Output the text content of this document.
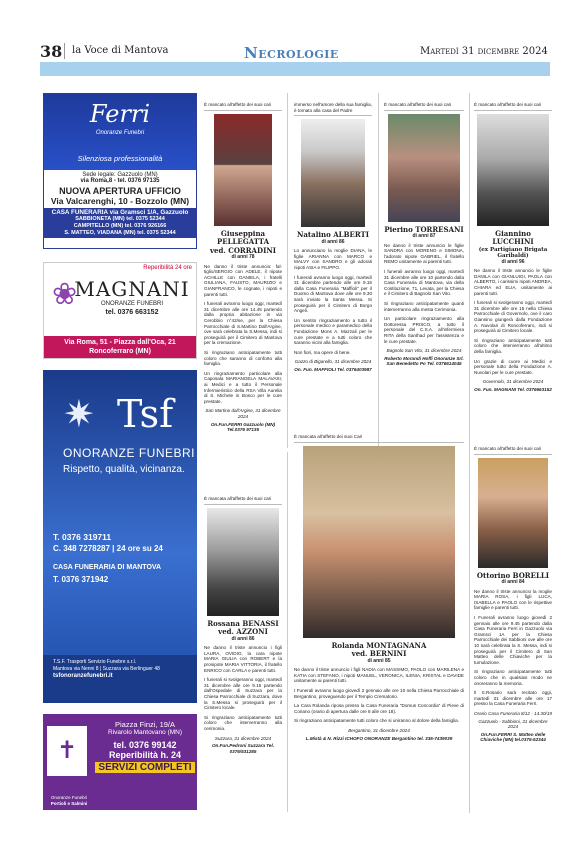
38 la Voce di Mantova	Necrologie	Martedì 31 dicembre 2024
Ferri
Onoranze Funebri
Silenziosa professionalità
Sede legale: Gazzuolo (MN)
via Roma,8 - tel. 0376 97135
NUOVA APERTURA UFFICIO
Via Valcarenghi, 10 - Bozzolo (MN)
CASA FUNERARIA via Gramsci 1/A, Gazzuolo
SABBIONETA (MN) tel. 0375 52344
CAMPITELLO (MN) tel. 0376 926166
S. MATTEO, VIADANA (MN) tel. 0375 52344
Reperibilità 24 ore
❀
MAGNANI
ONORANZE FUNEBRI
tel. 0376 663152
Via Roma, 51 - Piazza dall'Oca, 21
Roncoferraro (MN)
✷ Tsf
ONORANZE FUNEBRI
Rispetto, qualità, vicinanza.
T. 0376 319711
C. 348 7278287 | 24 ore su 24
CASA FUNERARIA DI MANTOVA
T. 0376 371942
T.S.F. Trasporti Servizio Funebre s.r.l.
Mantova via Nenni 8 | Suzzara via Berlinguer 48
tsfonoranzefunebri.it
✝
Piazza Finzi, 19/A
Rivarolo Mantovano (MN)
tel. 0376 99142
Reperibilità h. 24
SERVIZI COMPLETI
Onoranze Funebri
Portioli e Salmini
È mancato all'affetto dei suoi cari
Giuseppina
PELLEGATTA
ved. CORRADINI
di anni 78
Ne danno il triste annuncio: fal-tiglio/SERGIO con ADELE, il nipote ACHILLE con DANIELA, i fratelli GIULIANA, FAUSTO, MAURIZIO e GIANFRANCO, le cognate, i nipoti e parenti tutti.
I funerali avranno luogo oggi, martedì 31 dicembre alle ore 14.45 partendo dalla propria abitazione in via Cerobbio n°42/se, per la Chiesa Parrocchiale di S.Martino Dall'Argine, ove sarà celebrata la S.Messa, indi si proseguirà per il Cimitero di Mantova per la cremazione.
Si ringraziano anticipatamente tutti coloro che saranno di conforto alla famiglia.
Un ringraziamento particolare alla Caposala MARIANGELA MALAVASI, ai Medici e a tutto il Personale Infermieristico della RSA Villa Aurelia di S. Michele in Bosco per le cure prestate.
San Martino dall'Argine, 31 dicembre 2024
On.Fun.FERRI Gazzuolo (MN) Tel.0376 97135
immerso nell'amore della sua famiglia, è tornato alla casa del Padre
Natalino ALBERTI
di anni 86
Lo annunciano la moglie DIANA, le figlie ARIANNA con MARCO e MALVY con SANDRO e gli adorati nipoti ASIA e FILIPPO.
I funerali avranno luogo oggi, martedì 31 dicembre partendo alle ore 9.15 dalla Casa Funeraria "Maffioli" per il Duomo di Mantova dove alle ore 9.30 sarà inviato la Santa Messa. Si proseguirà per il Cimitero di Borgo Angeli.
Un sentito ringraziamento a tutto il personale medico e paramedico della Fondazione Mons A. Mazzali per le cure prestate e a tutti coloro che saranno vicini alla famiglia.
Non fiori, ma opere di bene.
Gazzo di Bigarello, 31 dicembre 2024
On. Fun. MAFFIOLI Tel. 0376403987
È mancato all'affetto dei suoi cari
Pierino TORRESANI
di anni 87
Ne danno il triste annuncio le figlie SANDRA con MORENO e SIMONA, l'adorato nipote GABRIEL, il fratello REMO unitamente ai parenti tutti.
I funerali avranno luogo oggi, martedì 31 dicembre alle ore 10 partendo dalla Casa Funeraria di Mantova, via della Costituzione, 71, Levata, per la Chiesa e il Cimitero di Bagnolo San Vito.
Si ringraziano anticipatamente quanti interverranno alla mesta Cerimonia.
Un particolare ringraziamento alla Dottoressa PRISCO, a tutto il personale del C.S.A. all'infermiera RITA della Santhad per l'assistenza e le cure prestate.
Bagnolo San Vito, 31 dicembre 2024
Roberto Morandi Hoffi Onoranze Srl. San Benedetto Po Tel. 0376614045
È mancato all'affetto dei suoi cari
Giannino LUCCHINI
(ex Partigiano Brigata Garibaldi)
di anni 96
Ne danno il triste annuncio le figlie DANILA con GIANLUIGI, PAOLA con ALBERTO, i carissimi nipoti ANDREA, CHIARA ed ELIA, unitamente ai parenti tutti.
I funerali si svolgeranno oggi, martedì 31 dicembre alle ore 15 nella Chiesa Parrocchiale di Governolo, ove il caro Giannino giungerà dalla Fondazione A. Nuvolari di Roncoferraro, indi si proseguirà al Cimitero locale.
Si ringraziano anticipatamente tutti coloro che interverranno all'ultimo della famiglia.
Un grazie di cuore ai Medici e personale tutto della Fondazione A. Nuvolari per le cure prestate.
Governolo, 31 dicembre 2024
On. Fun. MAGNANI Tel. 0376663152
È mancata all'affetto dei suoi cari
Rossana BENASSI
ved. AZZONI
di anni 86
Ne danno il triste annuncio i figli LAURA, OVIDIO, la cara nipote MARIA GIULIA con ROBERT e la pronipote MARIA VITTORIA, il fratello ENRICO con CARLA e parenti tutti.
I funerali si svolgeranno oggi, martedì 31 dicembre alle ore 9.15 partendo dall'Ospedale di Suzzara per la Chiesa Parrocchiale di Suzzara, dove la S.Messa si proseguirà per il Cimitero locale.
Si ringraziano anticipatamente tutti coloro che interverranno alla cerimonia.
Suzzara, 31 dicembre 2024
On.Fun.Pedroni Suzzara Tel. 0376/531285
È mancata all'affetto dei suoi Cari
Rolanda MONTAGNANA
ved. BERNINI
di anni 85
Ne danno il triste annuncio i figli NADIA con MASSIMO, PAOLO con MARILENA e KATIA con STEFANO, i nipoti MANUEL, VERONICA, ILENIA, KRISTAL e DAVIDE unitamente ai parenti tutti.
I Funerali avranno luogo giovedì 2 gennaio alle ore 10 nella Chiesa Parrocchiale di Bergantino, proveguendo per il Tempio Crematorio.
La Cara Rolanda riposa presso la Casa Funeraria "Domus Concordia" di Pieve di Coriano (orario di apertura dalle ore 8 alle ore 18).
Si ringraziano anticipatamente tutti coloro che si uniranno al dolore della famiglia.
Bergantino, 31 dicembre 2024
L.Mistà & N. Rizzi ICHOFO ONORANZE Bergantino tel. 335-7439039
È mancato all'affetto dei suoi cari
Ottorino BORELLI
di anni 84
Ne danno il triste annuncio la moglie MARIA ROSA, i figli LUCA, ISABELLA e PAOLO con le rispettive famiglie e parenti tutti.
I Funerali avranno luogo giovedì 2 gennaio alle ore 9.45 partendo dalla Casa Funeraria Ferri in Gazzuolo via Gramsci 1A per la Chiesa Parrocchiale dei Sabbioni ove alle ore 10 sarà celebrata la S. Messa, indi si proseguirà per il Cimitero di San Matteo delle Chiaviche per la tumulazione.
Si ringraziano anticipatamente tutti coloro che in qualsiasi modo ne onoreranno la memoria.
Il S.Rosario sarà recitato oggi, martedì 31 dicembre alle ore 17 presso la Casa Funeraria Ferri.
Orario Casa Funeraria 8/12 - 14.30/19
Gazzuolo - Sabbioni, 31 dicembre 2024
On.Fun.FERRI S. Matteo delle Chiaviche (MN) tel.0375-52344
